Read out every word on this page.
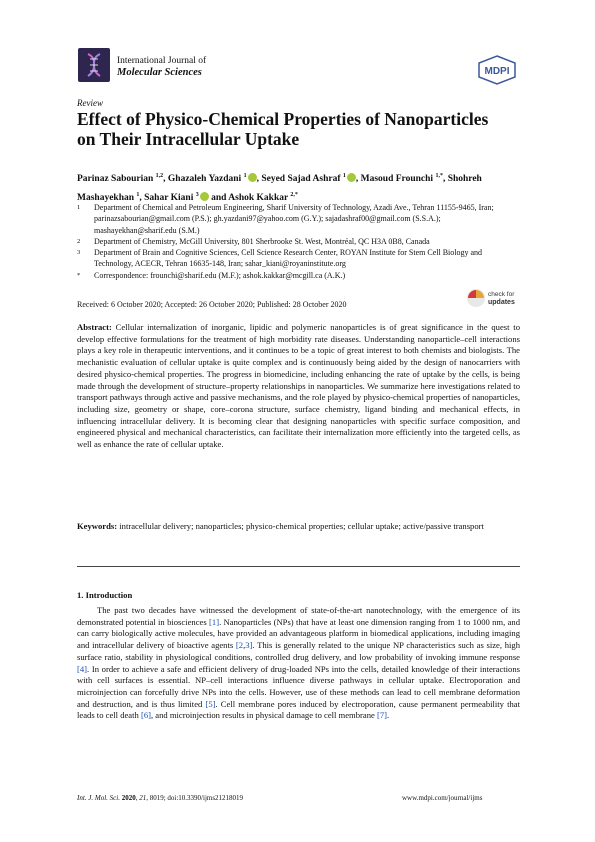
International Journal of
Molecular Sciences	MDPI
Review
Effect of Physico-Chemical Properties of Nanoparticles on Their Intracellular Uptake
Parinaz Sabourian $^{1,2}$, Ghazaleh Yazdani $^1$ , Seyed Sajad Ashraf $^1$ , Masoud Frounchi $^{1,*}$, Shohreh Mashayekhan $^1$, Sahar Kiani $^3$ and Ashok Kakkar $^{2,*}$
1	Department of Chemical and Petroleum Engineering, Sharif University of Technology, Azadi Ave., Tehran 11155-9465, Iran; parinazsabourian@gmail.com (P.S.); gh.yazdani97@yahoo.com (G.Y.); sajadashraf00@gmail.com (S.S.A.); mashayekhan@sharif.edu (S.M.)
2	Department of Chemistry, McGill University, 801 Sherbrooke St. West, Montréal, QC H3A 0B8, Canada
3	Department of Brain and Cognitive Sciences, Cell Science Research Center, ROYAN Institute for Stem Cell Biology and Technology, ACECR, Tehran 16635-148, Iran; sahar_kiani@royaninstitute.org
*	Correspondence: frounchi@sharif.edu (M.F.); ashok.kakkar@mcgill.ca (A.K.)
Received: 6 October 2020; Accepted: 26 October 2020; Published: 28 October 2020
check for
updates
Abstract: Cellular internalization of inorganic, lipidic and polymeric nanoparticles is of great significance in the quest to develop effective formulations for the treatment of high morbidity rate diseases. Understanding nanoparticle–cell interactions plays a key role in therapeutic interventions, and it continues to be a topic of great interest to both chemists and biologists. The mechanistic evaluation of cellular uptake is quite complex and is continuously being aided by the design of nanocarriers with desired physico-chemical properties. The progress in biomedicine, including enhancing the rate of uptake by the cells, is being made through the development of structure–property relationships in nanoparticles. We summarize here investigations related to transport pathways through active and passive mechanisms, and the role played by physico-chemical properties of nanoparticles, including size, geometry or shape, core–corona structure, surface chemistry, ligand binding and mechanical effects, in influencing intracellular delivery. It is becoming clear that designing nanoparticles with specific surface composition, and engineered physical and mechanical characteristics, can facilitate their internalization more efficiently into the targeted cells, as well as enhance the rate of cellular uptake.
Keywords: intracellular delivery; nanoparticles; physico-chemical properties; cellular uptake; active/passive transport
1. Introduction
The past two decades have witnessed the development of state-of-the-art nanotechnology, with the emergence of its demonstrated potential in biosciences [1]. Nanoparticles (NPs) that have at least one dimension ranging from 1 to 1000 nm, and can carry biologically active molecules, have provided an advantageous platform in biomedical applications, including imaging and intracellular delivery of bioactive agents [2,3]. This is generally related to the unique NP characteristics such as size, high surface ratio, stability in physiological conditions, controlled drug delivery, and low probability of invoking immune response [4]. In order to achieve a safe and efficient delivery of drug-loaded NPs into the cells, detailed knowledge of their interactions with cell surfaces is essential. NP–cell interactions influence diverse pathways in cellular uptake. Electroporation and microinjection can forcefully drive NPs into the cells. However, use of these methods can lead to cell membrane deformation and destruction, and is thus limited [5]. Cell membrane pores induced by electroporation, cause permanent permeability that leads to cell death [6], and microinjection results in physical damage to cell membrane [7].
Int. J. Mol. Sci. 2020, 21, 8019; doi:10.3390/ijms21218019	www.mdpi.com/journal/ijms
